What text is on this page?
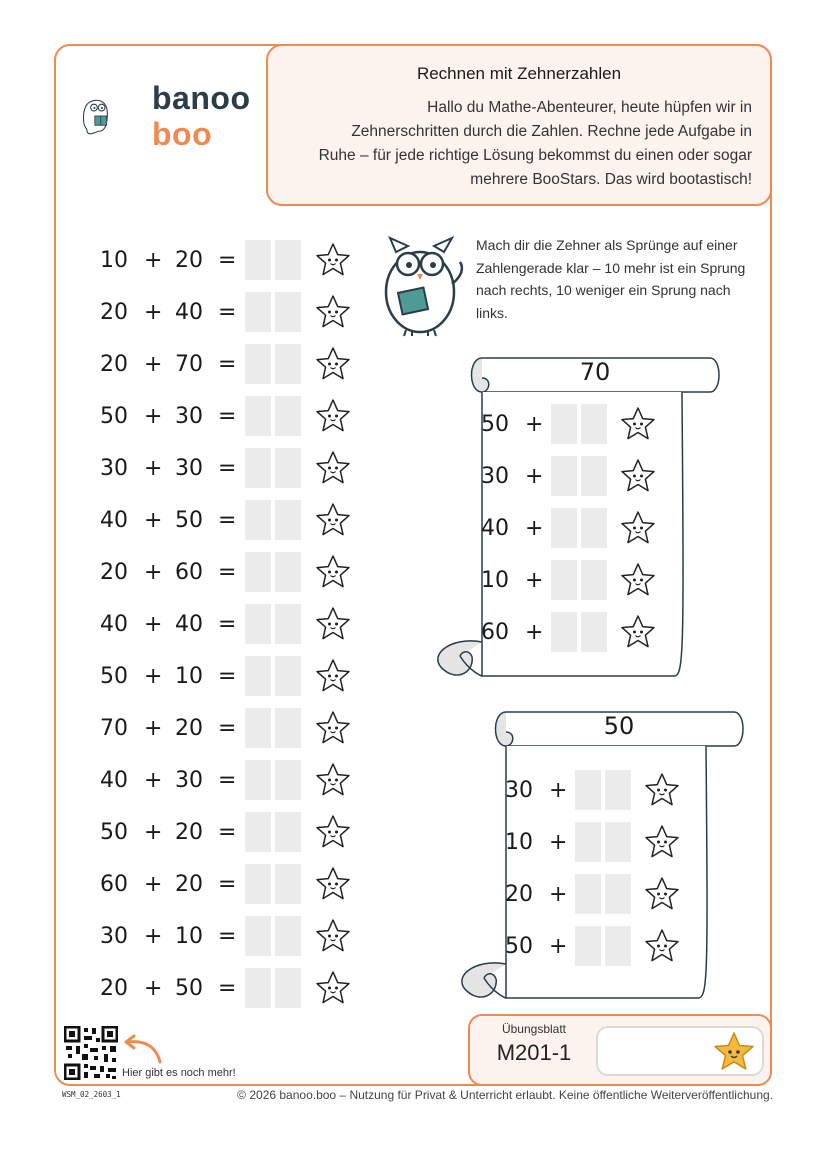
banoo
boo
Rechnen mit Zehnerzahlen
Hallo du Mathe-Abenteurer, heute hüpfen wir in
Zehnerschritten durch die Zahlen. Rechne jede Aufgabe in
Ruhe – für jede richtige Lösung bekommst du einen oder sogar
mehrere BooStars. Das wird bootastisch!
10 + 20 =
20 + 40 =
20 + 70 =
50 + 30 =
30 + 30 =
40 + 50 =
20 + 60 =
40 + 40 =
50 + 10 =
70 + 20 =
40 + 30 =
50 + 20 =
60 + 20 =
30 + 10 =
20 + 50 =
Mach dir die Zehner als Sprünge auf einer
Zahlengerade klar – 10 mehr ist ein Sprung
nach rechts, 10 weniger ein Sprung nach
links.
70
50 +
30 +
40 +
10 +
60 +
50
30 +
10 +
20 +
50 +
Hier gibt es noch mehr!
WSM_02_2603_1	© 2026 banoo.boo – Nutzung für Privat & Unterricht erlaubt. Keine öffentliche Weiterveröffentlichung.
Übungsblatt
M201-1
